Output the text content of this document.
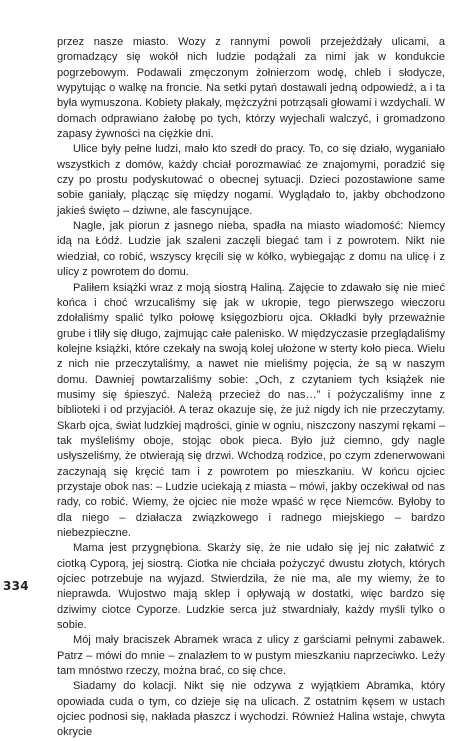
przez nasze miasto. Wozy z rannymi powoli przejeżdżały ulicami, a gromadzący się wokół nich ludzie podążali za nimi jak w kondukcie pogrzebowym. Podawali zmęczonym żołnierzom wodę, chleb i słodycze, wypytując o walkę na froncie. Na setki pytań dostawali jedną odpowiedź, a i ta była wymuszona. Kobiety płakały, mężczyźni potrząsali głowami i wzdychali. W domach odprawiano żałobę po tych, którzy wyjechali walczyć, i gromadzono zapasy żywności na ciężkie dni.

Ulice były pełne ludzi, mało kto szedł do pracy. To, co się działo, wyganiało wszystkich z domów, każdy chciał porozmawiać ze znajomymi, poradzić się czy po prostu podyskutować o obecnej sytuacji. Dzieci pozostawione same sobie ganiały, plącząc się między nogami. Wyglądało to, jakby obchodzono jakieś święto – dziwne, ale fascynujące.

Nagle, jak piorun z jasnego nieba, spadła na miasto wiadomość: Niemcy idą na Łódź. Ludzie jak szaleni zaczęli biegać tam i z powrotem. Nikt nie wiedział, co robić, wszyscy kręcili się w kółko, wybiegając z domu na ulicę i z ulicy z powrotem do domu.

Paliłem książki wraz z moją siostrą Haliną. Zajęcie to zdawało się nie mieć końca i choć wrzucaliśmy się jak w ukropie, tego pierwszego wieczoru zdołaliśmy spalić tylko połowę księgozbioru ojca. Okładki były przeważnie grube i tliły się długo, zajmując całe palenisko. W międzyczasie przeglądaliśmy kolejne książki, które czekały na swoją kolej ułożone w sterty koło pieca. Wielu z nich nie przeczytaliśmy, a nawet nie mieliśmy pojęcia, że są w naszym domu. Dawniej powtarzaliśmy sobie: „Och, z czytaniem tych książek nie musimy się śpieszyć. Należą przecież do nas…” i pożyczaliśmy inne z biblioteki i od przyjaciół. A teraz okazuje się, że już nigdy ich nie przeczytamy. Skarb ojca, świat ludzkiej mądrości, ginie w ogniu, niszczony naszymi rękami – tak myśleliśmy oboje, stojąc obok pieca. Było już ciemno, gdy nagle usłyszeliśmy, że otwierają się drzwi. Wchodzą rodzice, po czym zdenerwowani zaczynają się kręcić tam i z powrotem po mieszkaniu. W końcu ojciec przystaje obok nas: – Ludzie uciekają z miasta – mówi, jakby oczekiwał od nas rady, co robić. Wiemy, że ojciec nie może wpaść w ręce Niemców. Byłoby to dla niego – działacza związkowego i radnego miejskiego – bardzo niebezpieczne.

Mama jest przygnębiona. Skarży się, że nie udało się jej nic załatwić z ciotką Cyporą, jej siostrą. Ciotka nie chciała pożyczyć dwustu złotych, których ojciec potrzebuje na wyjazd. Stwierdziła, że nie ma, ale my wiemy, że to nieprawda. Wujostwo mają sklep i opływają w dostatki, więc bardzo się dziwimy ciotce Cyporze. Ludzkie serca już stwardniały, każdy myśli tylko o sobie.

Mój mały braciszek Abramek wraca z ulicy z garściami pełnymi zabawek. Patrz – mówi do mnie – znalazłem to w pustym mieszkaniu naprzeciwko. Leży tam mnóstwo rzeczy, można brać, co się chce.

Siadamy do kolacji. Nikt się nie odzywa z wyjątkiem Abramka, który opowiada cuda o tym, co dzieje się na ulicach. Z ostatnim kęsem w ustach ojciec podnosi się, nakłada płaszcz i wychodzi. Również Halina wstaje, chwyta okrycie

334
